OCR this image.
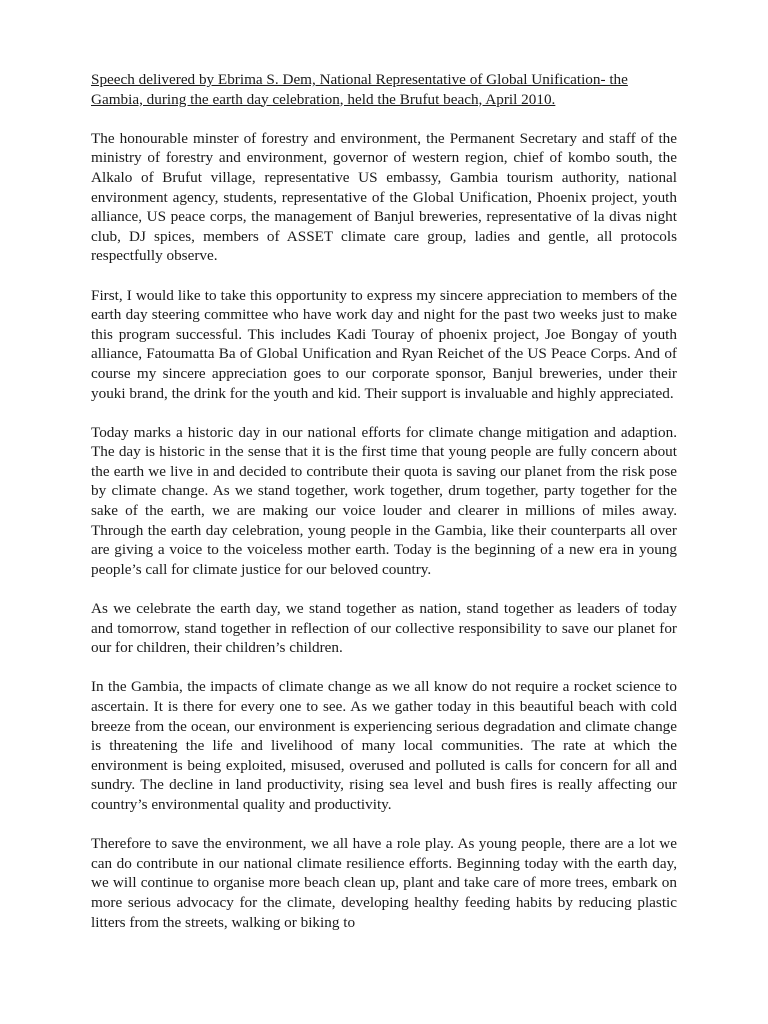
Speech delivered by Ebrima S. Dem, National Representative of Global Unification- the Gambia, during the earth day celebration, held the Brufut beach, April 2010.

The honourable minster of forestry and environment, the Permanent Secretary and staff of the ministry of forestry and environment, governor of western region, chief of kombo south, the Alkalo of Brufut village, representative US embassy, Gambia tourism authority, national environment agency, students, representative of the Global Unification, Phoenix project, youth alliance, US peace corps, the management of Banjul breweries, representative of la divas night club, DJ spices, members of ASSET climate care group, ladies and gentle, all protocols respectfully observe.

First, I would like to take this opportunity to express my sincere appreciation to members of the earth day steering committee who have work day and night for the past two weeks just to make this program successful. This includes Kadi Touray of phoenix project, Joe Bongay of youth alliance, Fatoumatta Ba of Global Unification and Ryan Reichet of the US Peace Corps. And of course my sincere appreciation goes to our corporate sponsor, Banjul breweries, under their youki brand, the drink for the youth and kid. Their support is invaluable and highly appreciated.

Today marks a historic day in our national efforts for climate change mitigation and adaption. The day is historic in the sense that it is the first time that young people are fully concern about the earth we live in and decided to contribute their quota is saving our planet from the risk pose by climate change. As we stand together, work together, drum together, party together for the sake of the earth, we are making our voice louder and clearer in millions of miles away. Through the earth day celebration, young people in the Gambia, like their counterparts all over are giving a voice to the voiceless mother earth. Today is the beginning of a new era in young people’s call for climate justice for our beloved country.

As we celebrate the earth day, we stand together as nation, stand together as leaders of today and tomorrow, stand together in reflection of our collective responsibility to save our planet for our for children, their children’s children.

In the Gambia, the impacts of climate change as we all know do not require a rocket science to ascertain. It is there for every one to see. As we gather today in this beautiful beach with cold breeze from the ocean, our environment is experiencing serious degradation and climate change is threatening the life and livelihood of many local communities. The rate at which the environment is being exploited, misused, overused and polluted is calls for concern for all and sundry. The decline in land productivity, rising sea level and bush fires is really affecting our country’s environmental quality and productivity.

Therefore to save the environment, we all have a role play. As young people, there are a lot we can do contribute in our national climate resilience efforts. Beginning today with the earth day, we will continue to organise more beach clean up, plant and take care of more trees, embark on more serious advocacy for the climate, developing healthy feeding habits by reducing plastic litters from the streets, walking or biking to
